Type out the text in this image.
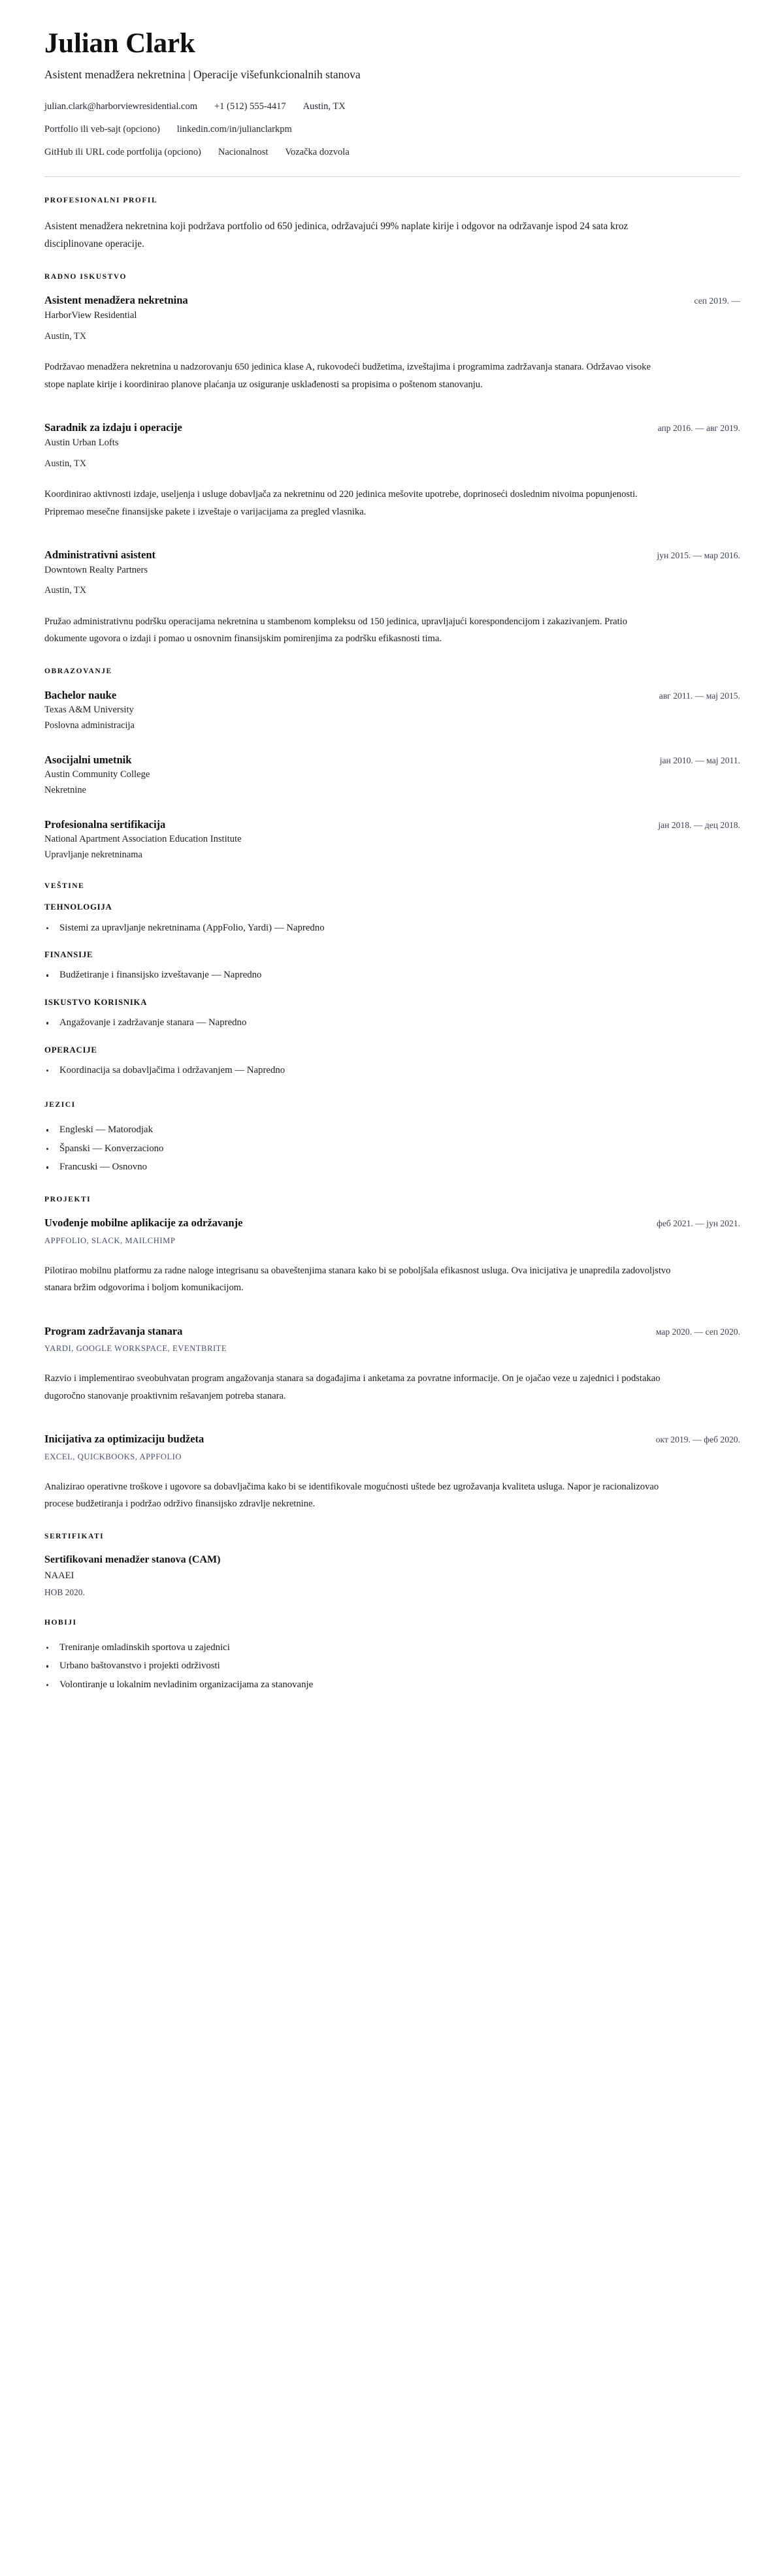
Julian Clark

Asistent menadžera nekretnina | Operacije višefunkcionalnih stanova

julian.clark@harborviewresidential.com +1 (512) 555-4417 Austin, TX
Portfolio ili veb-sajt (opciono) linkedin.com/in/julianclarkpm
GitHub ili URL code portfolija (opciono) Nacionalnost Vozačka dozvola
PROFESIONALNI PROFIL

Asistent menadžera nekretnina koji podržava portfolio od 650 jedinica, održavajući 99% naplate kirije i odgovor na održavanje ispod 24 sata kroz disciplinovane operacije.

RADNO ISKUSTVO
Asistent menadžera nekretnina	сеп 2019. —

HarborView Residential

Austin, TX

Podržavao menadžera nekretnina u nadzorovanju 650 jedinica klase A, rukovodeći budžetima, izveštajima i programima zadržavanja stanara. Održavao visoke stope naplate kirije i koordinirao planove plaćanja uz osiguranje usklađenosti sa propisima o poštenom stanovanju.

Saradnik za izdaju i operacije	апр 2016. — авг 2019.

Austin Urban Lofts

Austin, TX

Koordinirao aktivnosti izdaje, useljenja i usluge dobavljača za nekretninu od 220 jedinica mešovite upotrebe, doprinoseći doslednim nivoima popunjenosti. Pripremao mesečne finansijske pakete i izveštaje o varijacijama za pregled vlasnika.

Administrativni asistent	јун 2015. — мар 2016.

Downtown Realty Partners

Austin, TX

Pružao administrativnu podršku operacijama nekretnina u stambenom kompleksu od 150 jedinica, upravljajući korespondencijom i zakazivanjem. Pratio dokumente ugovora o izdaji i pomao u osnovnim finansijskim pomirenjima za podršku efikasnosti tima.

OBRAZOVANJE
Bachelor nauke	авг 2011. — мај 2015.

Texas A&M University

Poslovna administracija

Asocijalni umetnik	јан 2010. — мај 2011.

Austin Community College

Nekretnine

Profesionalna sertifikacija	јан 2018. — дец 2018.

National Apartment Association Education Institute

Upravljanje nekretninama

VEŠTINE
TEHNOLOGIJA
Sistemi za upravljanje nekretninama (AppFolio, Yardi) — Napredno
FINANSIJE
Budžetiranje i finansijsko izveštavanje — Napredno
ISKUSTVO KORISNIKA
Angažovanje i zadržavanje stanara — Napredno
OPERACIJE
Koordinacija sa dobavljačima i održavanjem — Napredno
JEZICI
Engleski — Matorodjak
Španski — Konverzaciono
Francuski — Osnovno
PROJEKTI
Uvođenje mobilne aplikacije za održavanje	феб 2021. — јун 2021.

APPFOLIO, SLACK, MAILCHIMP

Pilotirao mobilnu platformu za radne naloge integrisanu sa obaveštenjima stanara kako bi se poboljšala efikasnost usluga. Ova inicijativa je unapredila zadovoljstvo stanara bržim odgovorima i boljom komunikacijom.

Program zadržavanja stanara	мар 2020. — сеп 2020.

YARDI, GOOGLE WORKSPACE, EVENTBRITE

Razvio i implementirao sveobuhvatan program angažovanja stanara sa događajima i anketama za povratne informacije. On je ojačao veze u zajednici i podstakao dugoročno stanovanje proaktivnim rešavanjem potreba stanara.

Inicijativa za optimizaciju budžeta	окт 2019. — феб 2020.

EXCEL, QUICKBOOKS, APPFOLIO

Analizirao operativne troškove i ugovore sa dobavljačima kako bi se identifikovale mogućnosti uštede bez ugrožavanja kvaliteta usluga. Napor je racionalizovao procese budžetiranja i podržao održivo finansijsko zdravlje nekretnine.

SERTIFIKATI
Sertifikovani menadžer stanova (CAM)

NAAEI

НОВ 2020.

HOBIJI
Treniranje omladinskih sportova u zajednici
Urbano baštovanstvo i projekti održivosti
Volontiranje u lokalnim nevladinim organizacijama za stanovanje
